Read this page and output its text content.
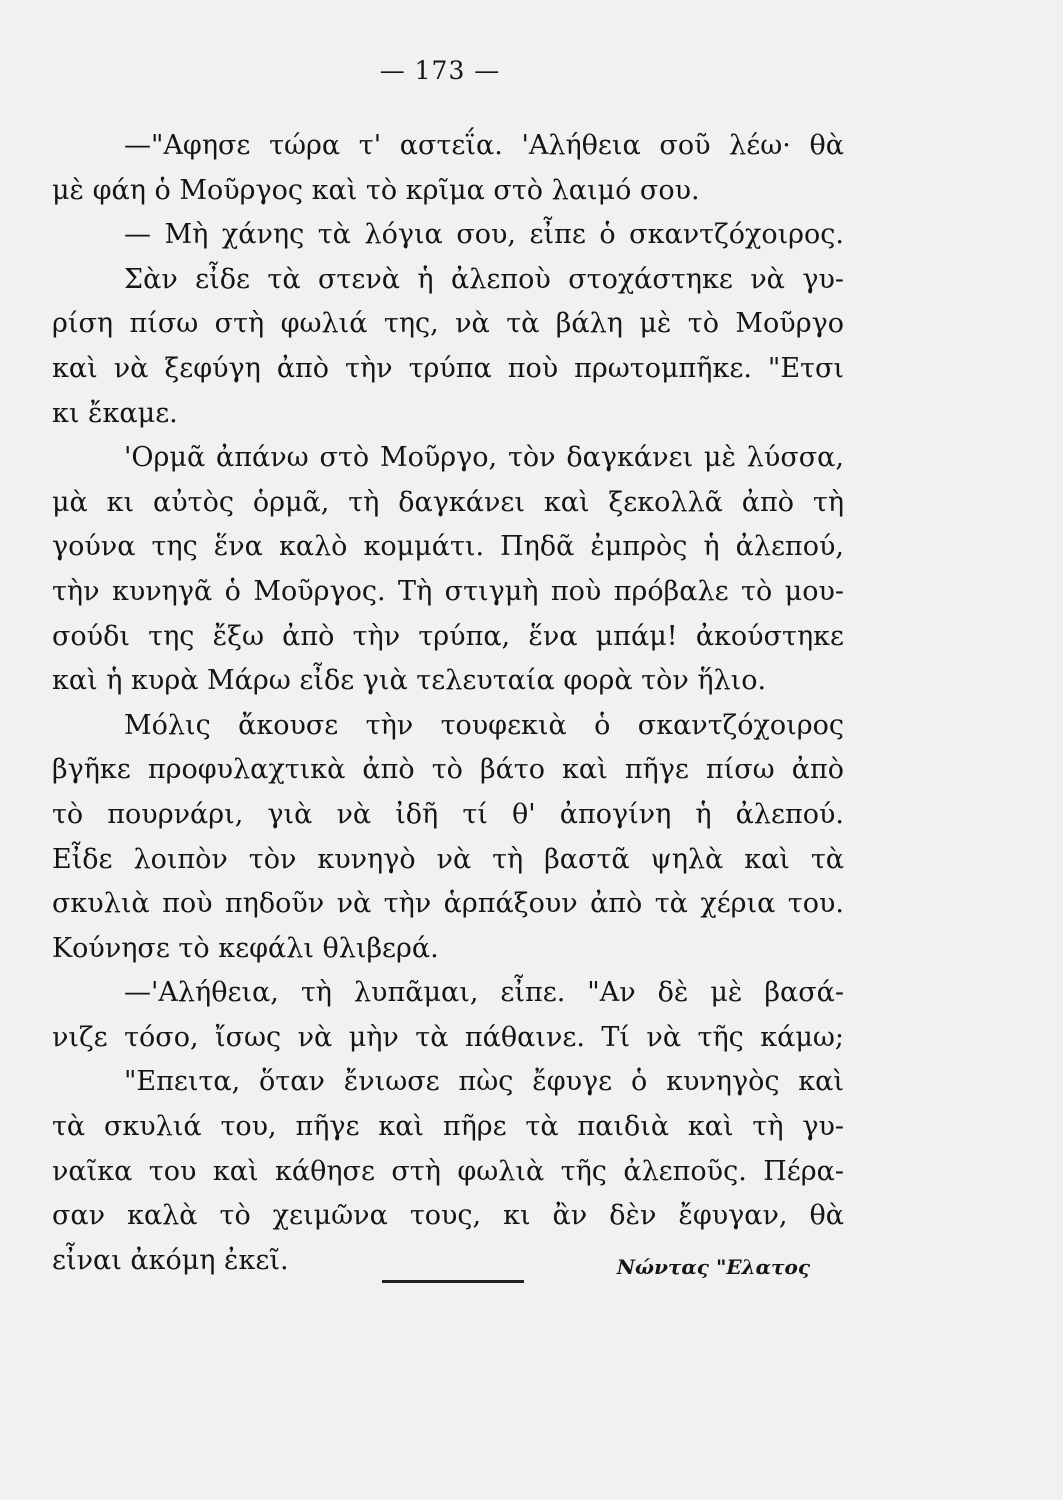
— 173 —
—"Αφησε τώρα τ' αστεΐα. 'Αλήθεια σοῦ λέω· θὰ
μὲ φάη ὁ Μοῦργος καὶ τὸ κρῖμα στὸ λαιμό σου.
— Μὴ χάνης τὰ λόγια σου, εἶπε ὁ σκαντζόχοιρος.
Σὰν εἶδε τὰ στενὰ ἡ ἀλεποὺ στοχάστηκε νὰ γυ-
ρίση πίσω στὴ φωλιά της, νὰ τὰ βάλη μὲ τὸ Μοῦργο
καὶ νὰ ξεφύγη ἀπὸ τὴν τρύπα ποὺ πρωτομπῆκε. "Ετσι
κι ἔκαμε.
'Ορμᾶ ἀπάνω στὸ Μοῦργο, τὸν δαγκάνει μὲ λύσσα,
μὰ κι αὐτὸς ὁρμᾶ, τὴ δαγκάνει καὶ ξεκολλᾶ ἀπὸ τὴ
γούνα της ἕνα καλὸ κομμάτι. Πηδᾶ ἐμπρὸς ἡ ἀλεπού,
τὴν κυνηγᾶ ὁ Μοῦργος. Τὴ στιγμὴ ποὺ πρόβαλε τὸ μου-
σούδι της ἔξω ἀπὸ τὴν τρύπα, ἕνα μπάμ! ἀκούστηκε
καὶ ἡ κυρὰ Μάρω εἶδε γιὰ τελευταία φορὰ τὸν ἥλιο.
Μόλις ἄκουσε τὴν τουφεκιὰ ὁ σκαντζόχοιρος
βγῆκε προφυλαχτικὰ ἀπὸ τὸ βάτο καὶ πῆγε πίσω ἀπὸ
τὸ πουρνάρι, γιὰ νὰ ἰδῆ τί θ' ἀπογίνη ἡ ἀλεπού.
Εἶδε λοιπὸν τὸν κυνηγὸ νὰ τὴ βαστᾶ ψηλὰ καὶ τὰ
σκυλιὰ ποὺ πηδοῦν νὰ τὴν ἁρπάξουν ἀπὸ τὰ χέρια του.
Κούνησε τὸ κεφάλι θλιβερά.
—'Αλήθεια, τὴ λυπᾶμαι, εἶπε. "Αν δὲ μὲ βασά-
νιζε τόσο, ἴσως νὰ μὴν τὰ πάθαινε. Τί νὰ τῆς κάμω;
"Επειτα, ὅταν ἔνιωσε πὼς ἔφυγε ὁ κυνηγὸς καὶ
τὰ σκυλιά του, πῆγε καὶ πῆρε τὰ παιδιὰ καὶ τὴ γυ-
ναῖκα του καὶ κάθησε στὴ φωλιὰ τῆς ἀλεποῦς. Πέρα-
σαν καλὰ τὸ χειμῶνα τους, κι ἂν δὲν ἔφυγαν, θὰ
εἶναι ἀκόμη ἐκεῖ.	Νώντας "Ελατος
